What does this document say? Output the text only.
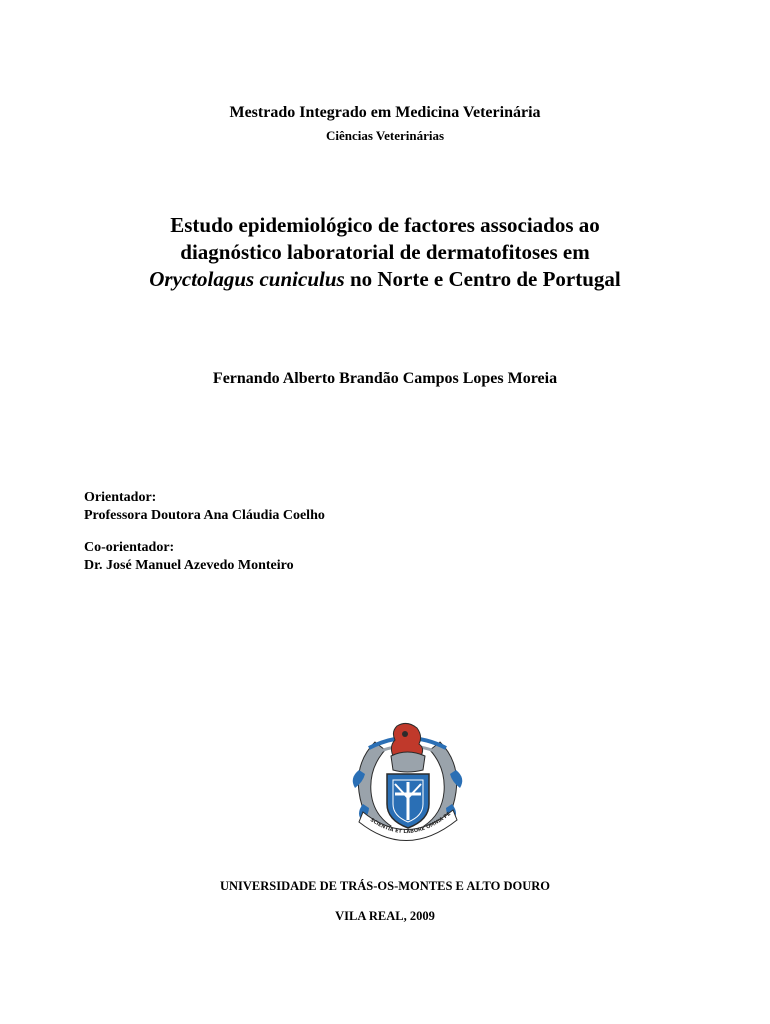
Mestrado Integrado em Medicina Veterinária
Ciências Veterinárias
Estudo epidemiológico de factores associados ao
diagnóstico laboratorial de dermatofitoses em
Oryctolagus cuniculus no Norte e Centro de Portugal
Fernando Alberto Brandão Campos Lopes Moreia
Orientador:
Professora Doutora Ana Cláudia Coelho
Co-orientador:
Dr. José Manuel Azevedo Monteiro
SCIENTIA ET LABORE OMNIA PE
UNIVERSIDADE DE TRÁS-OS-MONTES E ALTO DOURO
VILA REAL, 2009
